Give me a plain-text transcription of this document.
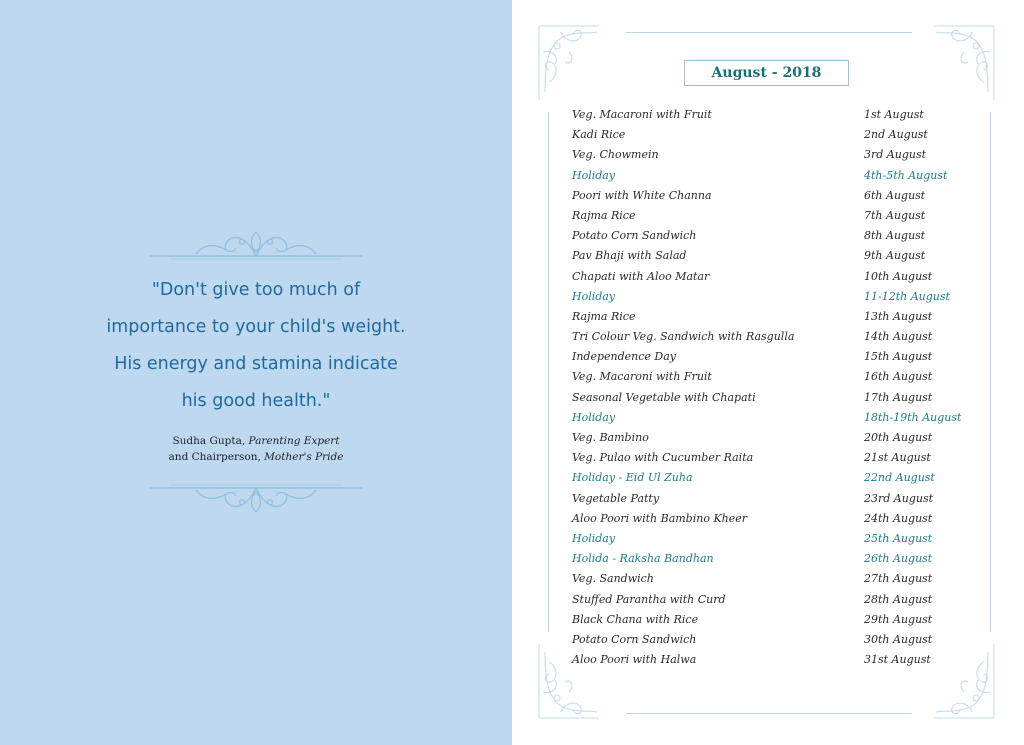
"Don't give too much of
importance to your child's weight.
His energy and stamina indicate
his good health."
Sudha Gupta, Parenting Expert
and Chairperson, Mother's Pride
August - 2018
Veg. Macaroni with Fruit	1st August
Kadi Rice	2nd August
Veg. Chowmein	3rd August
Holiday	4th-5th August
Poori with White Channa	6th August
Rajma Rice	7th August
Potato Corn Sandwich	8th August
Pav Bhaji with Salad	9th August
Chapati with Aloo Matar	10th August
Holiday	11-12th August
Rajma Rice	13th August
Tri Colour Veg. Sandwich with Rasgulla	14th August
Independence Day	15th August
Veg. Macaroni with Fruit	16th August
Seasonal Vegetable with Chapati	17th August
Holiday	18th-19th August
Veg. Bambino	20th August
Veg. Pulao with Cucumber Raita	21st August
Holiday - Eid Ul Zuha	22nd August
Vegetable Patty	23rd August
Aloo Poori with Bambino Kheer	24th August
Holiday	25th August
Holida - Raksha Bandhan	26th August
Veg. Sandwich	27th August
Stuffed Parantha with Curd	28th August
Black Chana with Rice	29th August
Potato Corn Sandwich	30th August
Aloo Poori with Halwa	31st August
